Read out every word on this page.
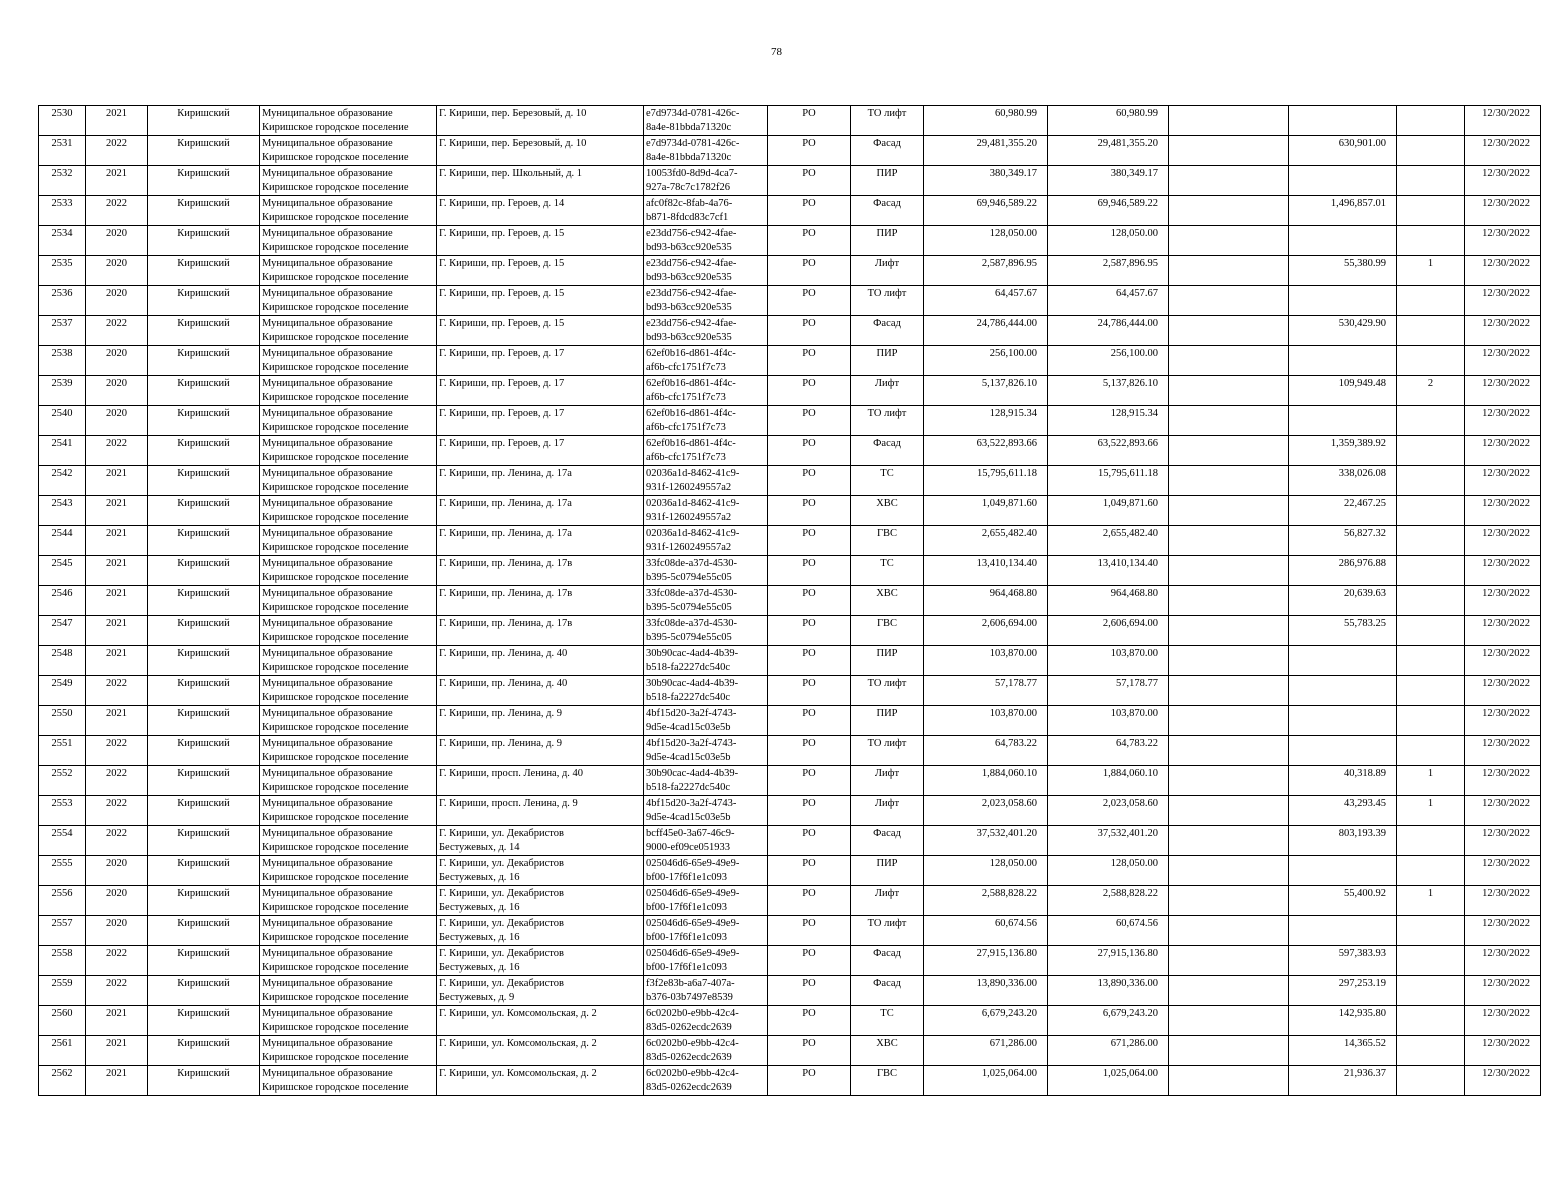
78
2530	2021	Киришский	Муниципальное образование
Киришское городское поселение	Г. Кириши, пер. Березовый, д. 10	e7d9734d-0781-426c-
8a4e-81bbda71320c	РО	ТО лифт	60,980.99	60,980.99				12/30/2022
2531	2022	Киришский	Муниципальное образование
Киришское городское поселение	Г. Кириши, пер. Березовый, д. 10	e7d9734d-0781-426c-
8a4e-81bbda71320c	РО	Фасад	29,481,355.20	29,481,355.20		630,901.00		12/30/2022
2532	2021	Киришский	Муниципальное образование
Киришское городское поселение	Г. Кириши, пер. Школьный, д. 1	10053fd0-8d9d-4ca7-
927a-78c7c1782f26	РО	ПИР	380,349.17	380,349.17				12/30/2022
2533	2022	Киришский	Муниципальное образование
Киришское городское поселение	Г. Кириши, пр. Героев, д. 14	afc0f82c-8fab-4a76-
b871-8fdcd83c7cf1	РО	Фасад	69,946,589.22	69,946,589.22		1,496,857.01		12/30/2022
2534	2020	Киришский	Муниципальное образование
Киришское городское поселение	Г. Кириши, пр. Героев, д. 15	e23dd756-c942-4fae-
bd93-b63cc920e535	РО	ПИР	128,050.00	128,050.00				12/30/2022
2535	2020	Киришский	Муниципальное образование
Киришское городское поселение	Г. Кириши, пр. Героев, д. 15	e23dd756-c942-4fae-
bd93-b63cc920e535	РО	Лифт	2,587,896.95	2,587,896.95		55,380.99	1	12/30/2022
2536	2020	Киришский	Муниципальное образование
Киришское городское поселение	Г. Кириши, пр. Героев, д. 15	e23dd756-c942-4fae-
bd93-b63cc920e535	РО	ТО лифт	64,457.67	64,457.67				12/30/2022
2537	2022	Киришский	Муниципальное образование
Киришское городское поселение	Г. Кириши, пр. Героев, д. 15	e23dd756-c942-4fae-
bd93-b63cc920e535	РО	Фасад	24,786,444.00	24,786,444.00		530,429.90		12/30/2022
2538	2020	Киришский	Муниципальное образование
Киришское городское поселение	Г. Кириши, пр. Героев, д. 17	62ef0b16-d861-4f4c-
af6b-cfc1751f7c73	РО	ПИР	256,100.00	256,100.00				12/30/2022
2539	2020	Киришский	Муниципальное образование
Киришское городское поселение	Г. Кириши, пр. Героев, д. 17	62ef0b16-d861-4f4c-
af6b-cfc1751f7c73	РО	Лифт	5,137,826.10	5,137,826.10		109,949.48	2	12/30/2022
2540	2020	Киришский	Муниципальное образование
Киришское городское поселение	Г. Кириши, пр. Героев, д. 17	62ef0b16-d861-4f4c-
af6b-cfc1751f7c73	РО	ТО лифт	128,915.34	128,915.34				12/30/2022
2541	2022	Киришский	Муниципальное образование
Киришское городское поселение	Г. Кириши, пр. Героев, д. 17	62ef0b16-d861-4f4c-
af6b-cfc1751f7c73	РО	Фасад	63,522,893.66	63,522,893.66		1,359,389.92		12/30/2022
2542	2021	Киришский	Муниципальное образование
Киришское городское поселение	Г. Кириши, пр. Ленина, д. 17а	02036a1d-8462-41c9-
931f-1260249557a2	РО	ТС	15,795,611.18	15,795,611.18		338,026.08		12/30/2022
2543	2021	Киришский	Муниципальное образование
Киришское городское поселение	Г. Кириши, пр. Ленина, д. 17а	02036a1d-8462-41c9-
931f-1260249557a2	РО	ХВС	1,049,871.60	1,049,871.60		22,467.25		12/30/2022
2544	2021	Киришский	Муниципальное образование
Киришское городское поселение	Г. Кириши, пр. Ленина, д. 17а	02036a1d-8462-41c9-
931f-1260249557a2	РО	ГВС	2,655,482.40	2,655,482.40		56,827.32		12/30/2022
2545	2021	Киришский	Муниципальное образование
Киришское городское поселение	Г. Кириши, пр. Ленина, д. 17в	33fc08de-a37d-4530-
b395-5c0794e55c05	РО	ТС	13,410,134.40	13,410,134.40		286,976.88		12/30/2022
2546	2021	Киришский	Муниципальное образование
Киришское городское поселение	Г. Кириши, пр. Ленина, д. 17в	33fc08de-a37d-4530-
b395-5c0794e55c05	РО	ХВС	964,468.80	964,468.80		20,639.63		12/30/2022
2547	2021	Киришский	Муниципальное образование
Киришское городское поселение	Г. Кириши, пр. Ленина, д. 17в	33fc08de-a37d-4530-
b395-5c0794e55c05	РО	ГВС	2,606,694.00	2,606,694.00		55,783.25		12/30/2022
2548	2021	Киришский	Муниципальное образование
Киришское городское поселение	Г. Кириши, пр. Ленина, д. 40	30b90cac-4ad4-4b39-
b518-fa2227dc540c	РО	ПИР	103,870.00	103,870.00				12/30/2022
2549	2022	Киришский	Муниципальное образование
Киришское городское поселение	Г. Кириши, пр. Ленина, д. 40	30b90cac-4ad4-4b39-
b518-fa2227dc540c	РО	ТО лифт	57,178.77	57,178.77				12/30/2022
2550	2021	Киришский	Муниципальное образование
Киришское городское поселение	Г. Кириши, пр. Ленина, д. 9	4bf15d20-3a2f-4743-
9d5e-4cad15c03e5b	РО	ПИР	103,870.00	103,870.00				12/30/2022
2551	2022	Киришский	Муниципальное образование
Киришское городское поселение	Г. Кириши, пр. Ленина, д. 9	4bf15d20-3a2f-4743-
9d5e-4cad15c03e5b	РО	ТО лифт	64,783.22	64,783.22				12/30/2022
2552	2022	Киришский	Муниципальное образование
Киришское городское поселение	Г. Кириши, просп. Ленина, д. 40	30b90cac-4ad4-4b39-
b518-fa2227dc540c	РО	Лифт	1,884,060.10	1,884,060.10		40,318.89	1	12/30/2022
2553	2022	Киришский	Муниципальное образование
Киришское городское поселение	Г. Кириши, просп. Ленина, д. 9	4bf15d20-3a2f-4743-
9d5e-4cad15c03e5b	РО	Лифт	2,023,058.60	2,023,058.60		43,293.45	1	12/30/2022
2554	2022	Киришский	Муниципальное образование
Киришское городское поселение	Г. Кириши, ул. Декабристов
Бестужевых, д. 14	bcff45e0-3a67-46c9-
9000-ef09ce051933	РО	Фасад	37,532,401.20	37,532,401.20		803,193.39		12/30/2022
2555	2020	Киришский	Муниципальное образование
Киришское городское поселение	Г. Кириши, ул. Декабристов
Бестужевых, д. 16	025046d6-65e9-49e9-
bf00-17f6f1e1c093	РО	ПИР	128,050.00	128,050.00				12/30/2022
2556	2020	Киришский	Муниципальное образование
Киришское городское поселение	Г. Кириши, ул. Декабристов
Бестужевых, д. 16	025046d6-65e9-49e9-
bf00-17f6f1e1c093	РО	Лифт	2,588,828.22	2,588,828.22		55,400.92	1	12/30/2022
2557	2020	Киришский	Муниципальное образование
Киришское городское поселение	Г. Кириши, ул. Декабристов
Бестужевых, д. 16	025046d6-65e9-49e9-
bf00-17f6f1e1c093	РО	ТО лифт	60,674.56	60,674.56				12/30/2022
2558	2022	Киришский	Муниципальное образование
Киришское городское поселение	Г. Кириши, ул. Декабристов
Бестужевых, д. 16	025046d6-65e9-49e9-
bf00-17f6f1e1c093	РО	Фасад	27,915,136.80	27,915,136.80		597,383.93		12/30/2022
2559	2022	Киришский	Муниципальное образование
Киришское городское поселение	Г. Кириши, ул. Декабристов
Бестужевых, д. 9	f3f2e83b-a6a7-407a-
b376-03b7497e8539	РО	Фасад	13,890,336.00	13,890,336.00		297,253.19		12/30/2022
2560	2021	Киришский	Муниципальное образование
Киришское городское поселение	Г. Кириши, ул. Комсомольская, д. 2	6c0202b0-e9bb-42c4-
83d5-0262ecdc2639	РО	ТС	6,679,243.20	6,679,243.20		142,935.80		12/30/2022
2561	2021	Киришский	Муниципальное образование
Киришское городское поселение	Г. Кириши, ул. Комсомольская, д. 2	6c0202b0-e9bb-42c4-
83d5-0262ecdc2639	РО	ХВС	671,286.00	671,286.00		14,365.52		12/30/2022
2562	2021	Киришский	Муниципальное образование
Киришское городское поселение	Г. Кириши, ул. Комсомольская, д. 2	6c0202b0-e9bb-42c4-
83d5-0262ecdc2639	РО	ГВС	1,025,064.00	1,025,064.00		21,936.37		12/30/2022
